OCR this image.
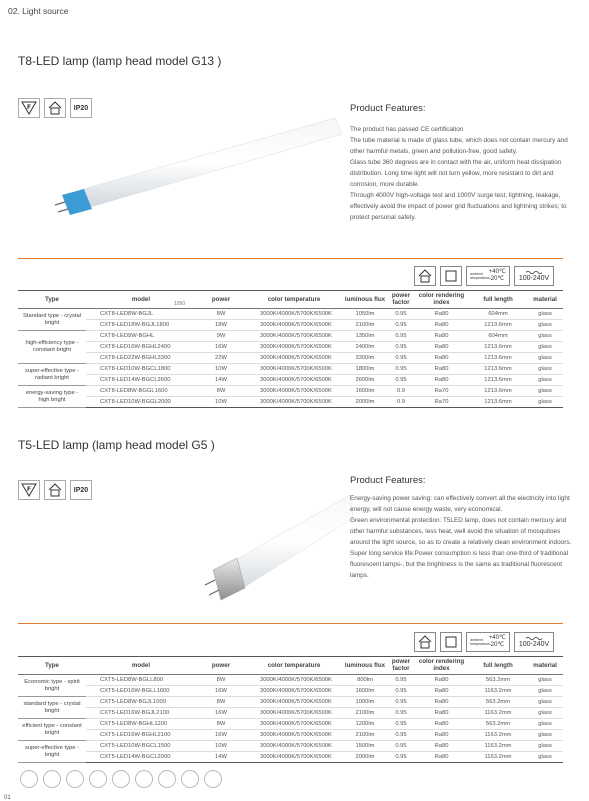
02. Light source
T8-LED lamp (lamp head model G13 )
F	IP20	Product Features:

The product has passed CE certification

The tube material is made of glass tube, which does not contain mercury and other harmful metals, green and pollution-free, good safety.

Glass tube 360 degrees are in contact with the air, uniform heat dissipation distribution. Long time light will not turn yellow, more resistant to dirt and corrosion, more durable.

Through 4000V high-voltage test and 1000V surge test, lightning, leakage, effectively avoid the impact of power grid fluctuations and lightning strikes; to protect personal safety.

ambient temperature
+40℃
-20℃ 100-240V
Type	model	power	color temperature	luminous flux	power factor	color rendering index	full length	material
Standard type - crystal bright	CXT8-LED8W-BGJL	8W	3000K/4000K/5700K/6500K	1050lm	0.95	Ra80	604mm	glass
	CXT8-LED18W-BGJL1800	18W	3000K/4000K/5700K/6500K	2100lm	0.95	Ra80	1213.6mm	glass
high-efficiency type - constant bright	CXT8-LED9W-BGHL	9W	3000K/4000K/5700K/6500K	1350lm	0.95	Ra80	604mm	glass
	CXT8-LED16W-BGHL2400	16W	3000K/4000K/5700K/6500K	2400lm	0.95	Ra80	1213.6mm	glass
	CXT8-LED22W-BGHL3300	22W	3000K/4000K/5700K/6500K	3300lm	0.95	Ra80	1213.6mm	glass
super-effective type - radiant bright	CXT8-LED10W-BGCL1800	10W	3000K/4000K/5700K/6500K	1800lm	0.95	Ra80	1213.6mm	glass
	CXT8-LED14W-BGCL2600	14W	3000K/4000K/5700K/6500K	2600lm	0.95	Ra80	1213.6mm	glass
energy-saving type - high bright	CXT8-LED8W-BGGL1600	8W	3000K/4000K/5700K/6500K	1600lm	0.9	Ra70	1213.6mm	glass
	CXT8-LED10W-BGGL2000	10W	3000K/4000K/5700K/6500K	2000lm	0.9	Ra70	1213.6mm	glass
1050
T5-LED lamp (lamp head model G5 )
F	IP20
Product Features:

Energy-saving power saving: can effectively convert all the electricity into light energy, will not cause energy waste, very economical.

Green environmental protection: T5LED lamp, does not contain mercury and other harmful substances, less heat, well avoid the situation of mosquitoes around the light source, so as to create a relatively clean environment indoors.

Super long service life:Power consumption is less than one-third of traditional fluorescent lamps-, but the brightness is the same as traditional fluorescent lamps.

ambient temperature
+40℃
-20℃ 100-240V
Type	model	power	color temperature	luminous flux	power factor	color rendering index	full length	material
Economic type - spirit bright	CXT5-LED8W-BGLL800	8W	3000K/4000K/5700K/6500K	800lm	0.95	Ra80	563.2mm	glass
	CXT5-LED16W-BGLL1600	16W	3000K/4000K/5700K/6500K	1600lm	0.95	Ra80	1163.2mm	glass
standard type - crystal bright	CXT5-LED8W-BGJL1000	8W	3000K/4000K/5700K/6500K	1000lm	0.95	Ra80	563.2mm	glass
	CXT5-LED16W-BGJL2100	16W	3000K/4000K/5700K/6500K	2100lm	0.95	Ra80	1163.2mm	glass
efficient type - constant bright	CXT5-LED8W-BGHL1200	8W	3000K/4000K/5700K/6500K	1200lm	0.95	Ra80	563.2mm	glass
	CXT5-LED16W-BGHL2100	16W	3000K/4000K/5700K/6500K	2100lm	0.95	Ra80	1163.2mm	glass
super-effective type - bright	CXT5-LED10W-BGCL1500	10W	3000K/4000K/5700K/6500K	1500lm	0.95	Ra80	1163.2mm	glass
	CXT5-LED14W-BGCL2000	14W	3000K/4000K/5700K/6500K	2000lm	0.95	Ra80	1163.2mm	glass
01
